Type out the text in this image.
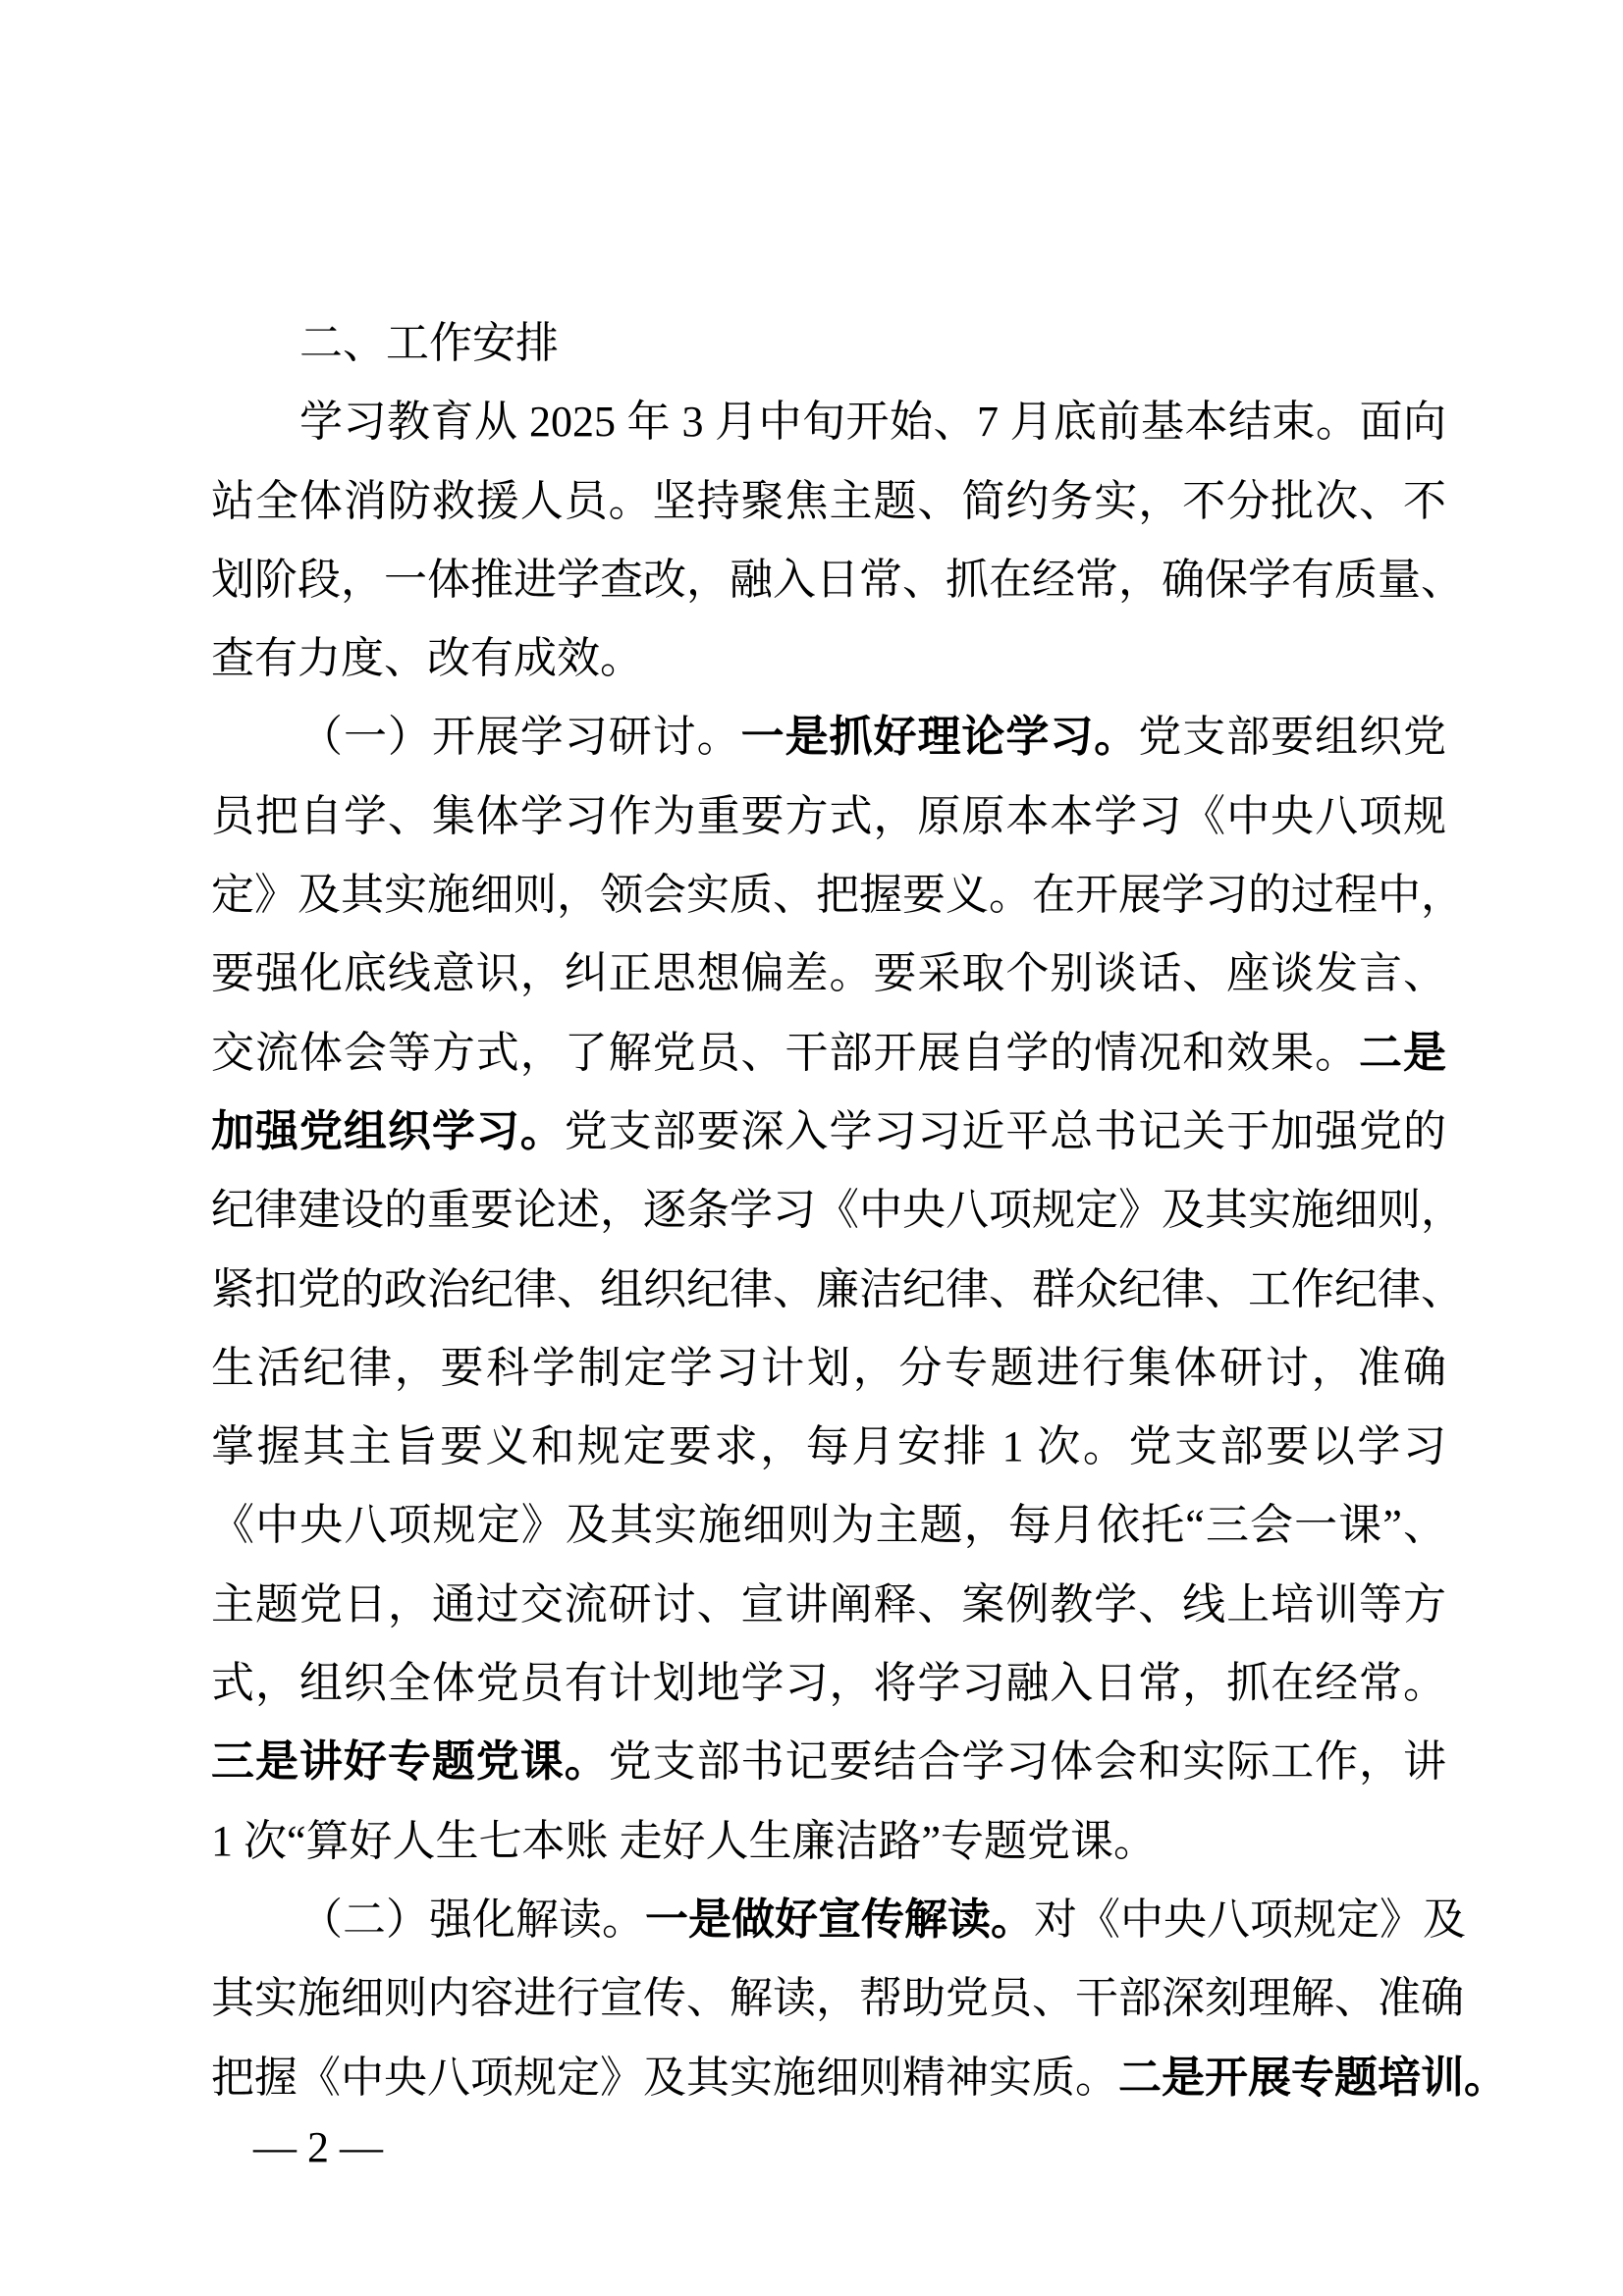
二、工作安排
学习教育从 2025 年 3 月中旬开始、7 月底前基本结束。面向
站全体消防救援人员。坚持聚焦主题、简约务实，不分批次、不
划阶段，一体推进学查改，融入日常、抓在经常，确保学有质量、
查有力度、改有成效。
（一）开展学习研讨。一是抓好理论学习。党支部要组织党
员把自学、集体学习作为重要方式，原原本本学习《中央八项规
定》及其实施细则，领会实质、把握要义。在开展学习的过程中，
要强化底线意识，纠正思想偏差。要采取个别谈话、座谈发言、
交流体会等方式，了解党员、干部开展自学的情况和效果。二是
加强党组织学习。党支部要深入学习习近平总书记关于加强党的
纪律建设的重要论述，逐条学习《中央八项规定》及其实施细则，
紧扣党的政治纪律、组织纪律、廉洁纪律、群众纪律、工作纪律、
生活纪律，要科学制定学习计划，分专题进行集体研讨，准确
掌握其主旨要义和规定要求，每月安排 1 次。党支部要以学习
《中央八项规定》及其实施细则为主题，每月依托“三会一课”、
主题党日，通过交流研讨、宣讲阐释、案例教学、线上培训等方
式，组织全体党员有计划地学习，将学习融入日常，抓在经常。
三是讲好专题党课。党支部书记要结合学习体会和实际工作，讲
1 次“算好人生七本账 走好人生廉洁路”专题党课。
（二）强化解读。一是做好宣传解读。对《中央八项规定》及
其实施细则内容进行宣传、解读，帮助党员、干部深刻理解、准确
把握《中央八项规定》及其实施细则精神实质。二是开展专题培训。
— 2 —
